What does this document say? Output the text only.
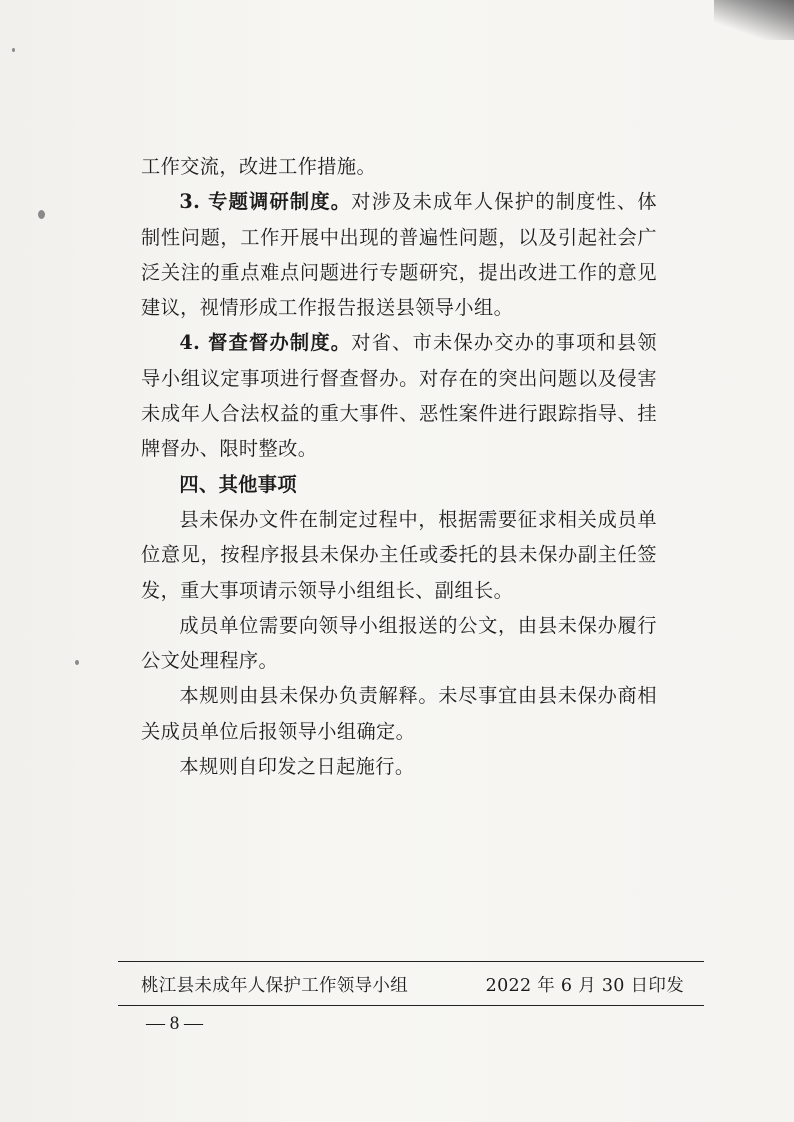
工作交流，改进工作措施。

3. 专题调研制度。对涉及未成年人保护的制度性、体制性问题，工作开展中出现的普遍性问题，以及引起社会广泛关注的重点难点问题进行专题研究，提出改进工作的意见建议，视情形成工作报告报送县领导小组。

4. 督查督办制度。对省、市未保办交办的事项和县领导小组议定事项进行督查督办。对存在的突出问题以及侵害未成年人合法权益的重大事件、恶性案件进行跟踪指导、挂牌督办、限时整改。

四、其他事项

县未保办文件在制定过程中，根据需要征求相关成员单位意见，按程序报县未保办主任或委托的县未保办副主任签发，重大事项请示领导小组组长、副组长。

成员单位需要向领导小组报送的公文，由县未保办履行公文处理程序。

本规则由县未保办负责解释。未尽事宜由县未保办商相关成员单位后报领导小组确定。

本规则自印发之日起施行。

桃江县未成年人保护工作领导小组	2022 年 6 月 30 日印发
— 8 —
